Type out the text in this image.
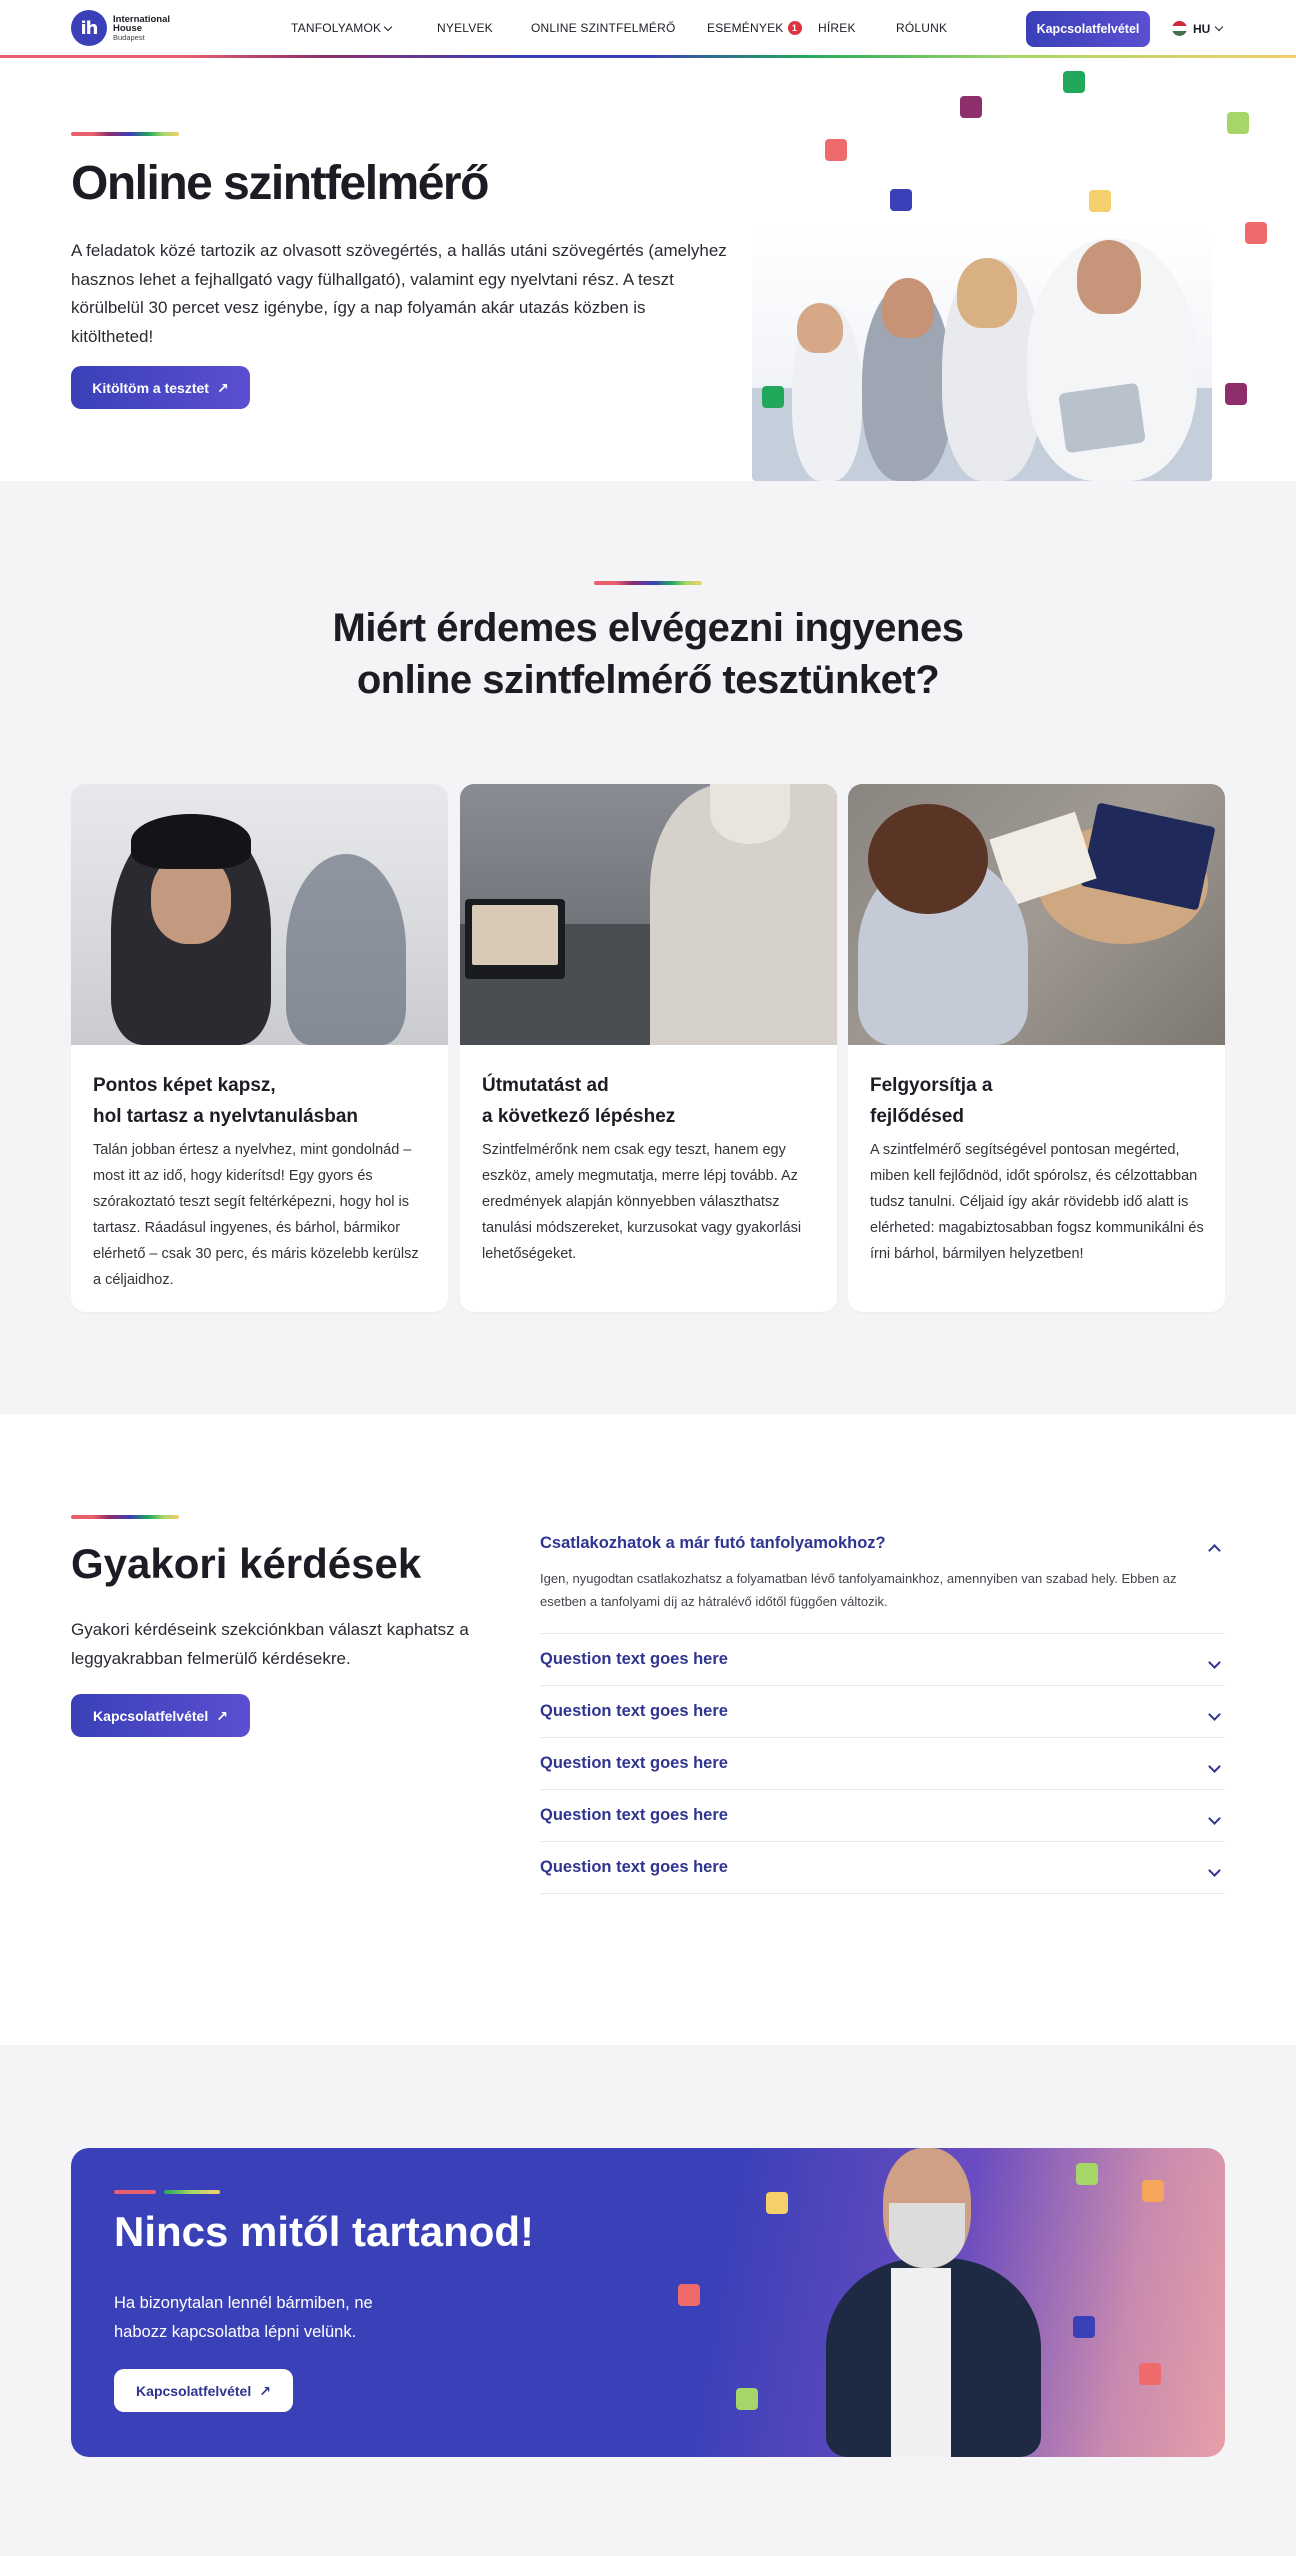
ih	International
House
Budapest
TANFOLYAMOK	NYELVEK	ONLINE SZINTFELMÉRŐ	ESEMÉNYEK 1	HÍREK	RÓLUNK	Kapcsolatfelvétel	HU
Online szintfelmérő

A feladatok közé tartozik az olvasott szövegértés, a hallás utáni szövegértés (amelyhez hasznos lehet a fejhallgató vagy fülhallgató), valamint egy nyelvtani rész. A teszt körülbelül 30 percet vesz igénybe, így a nap folyamán akár utazás közben is kitöltheted!

Kitöltöm a tesztet ↗
Miért érdemes elvégezni ingyenes
online szintfelmérő tesztünket?
Pontos képet kapsz,
hol tartasz a nyelvtanulásban

Talán jobban értesz a nyelvhez, mint gondolnád – most itt az idő, hogy kiderítsd! Egy gyors és szórakoztató teszt segít feltérképezni, hogy hol is tartasz. Ráadásul ingyenes, és bárhol, bármikor elérhető – csak 30 perc, és máris közelebb kerülsz a céljaidhoz.

Útmutatást ad
a következő lépéshez

Szintfelmérőnk nem csak egy teszt, hanem egy eszköz, amely megmutatja, merre lépj tovább. Az eredmények alapján könnyebben választhatsz tanulási módszereket, kurzusokat vagy gyakorlási lehetőségeket.

Felgyorsítja a
fejlődésed

A szintfelmérő segítségével pontosan megérted, miben kell fejlődnöd, időt spórolsz, és célzottabban tudsz tanulni. Céljaid így akár rövidebb idő alatt is elérheted: magabiztosabban fogsz kommunikálni és írni bárhol, bármilyen helyzetben!

Gyakori kérdések

Gyakori kérdéseink szekciónkban választ kaphatsz a leggyakrabban felmerülő kérdésekre.

Kapcsolatfelvétel ↗
Csatlakozhatok a már futó tanfolyamokhoz?
Igen, nyugodtan csatlakozhatsz a folyamatban lévő tanfolyamainkhoz, amennyiben van szabad hely. Ebben az esetben a tanfolyami díj az hátralévő időtől függően változik.
Question text goes here
Question text goes here
Question text goes here
Question text goes here
Question text goes here
Nincs mitől tartanod!

Ha bizonytalan lennél bármiben, ne habozz kapcsolatba lépni velünk.

Kapcsolatfelvétel ↗
